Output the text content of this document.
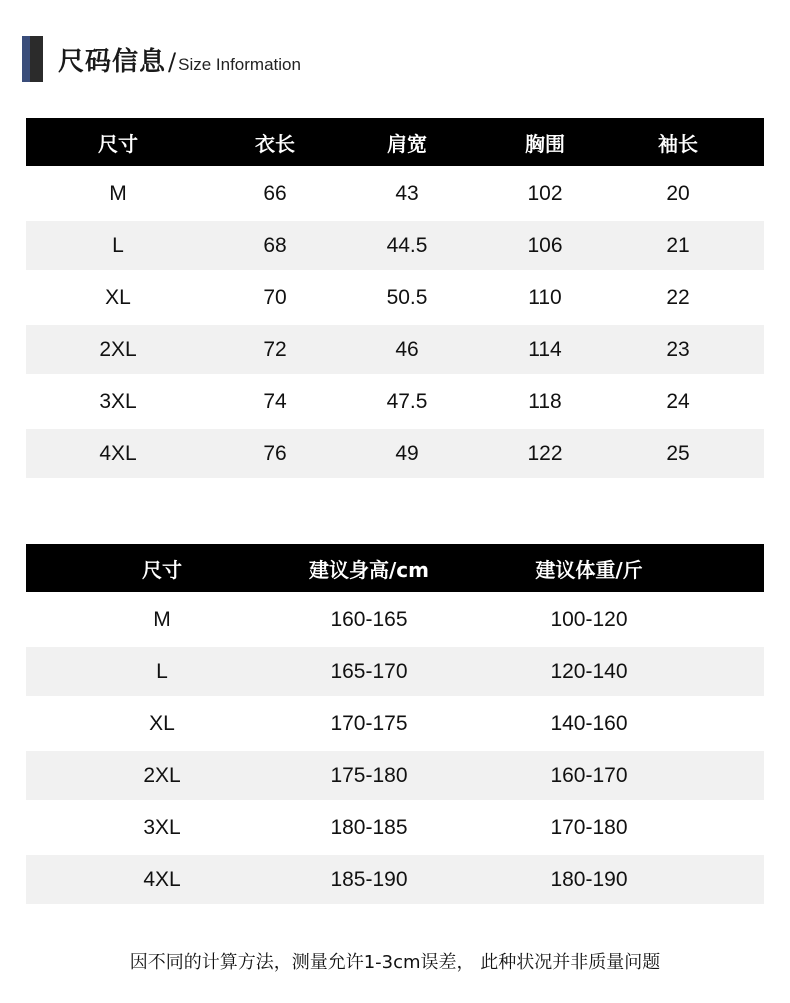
尺码信息 / Size Information
尺寸	衣长	肩宽	胸围	袖长
M	66	43	102	20
L	68	44.5	106	21
XL	70	50.5	110	22
2XL	72	46	114	23
3XL	74	47.5	118	24
4XL	76	49	122	25
尺寸	建议身高/cm	建议体重/斤
M	160-165	100-120
L	165-170	120-140
XL	170-175	140-160
2XL	175-180	160-170
3XL	180-185	170-180
4XL	185-190	180-190
因不同的计算方法，测量允许1-3cm误差， 此种状况并非质量问题
